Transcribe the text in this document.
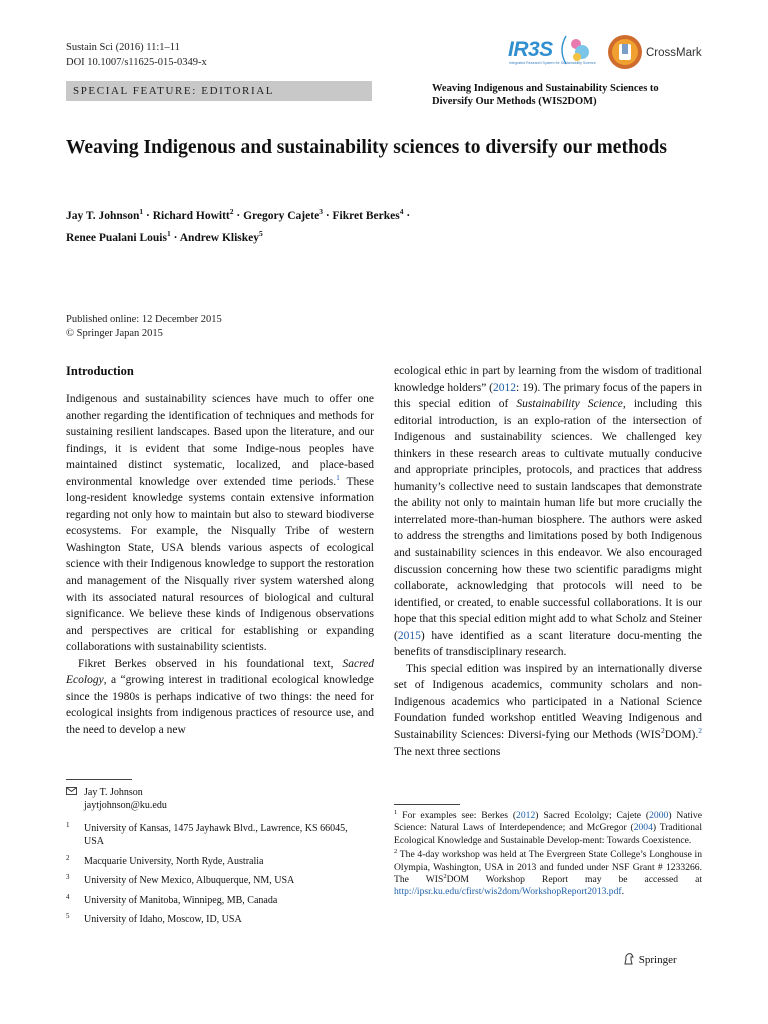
Sustain Sci (2016) 11:1–11
DOI 10.1007/s11625-015-0349-x
IR3S
Integrated Research System for Sustainability Science
CrossMark
SPECIAL FEATURE: EDITORIAL	Weaving Indigenous and Sustainability Sciences to
Diversify Our Methods (WIS2DOM)
Weaving Indigenous and sustainability sciences to diversify our methods
Jay T. Johnson$^1$ · Richard Howitt$^2$ · Gregory Cajete$^3$ · Fikret Berkes$^4$ ·
Renee Pualani Louis$^1$ · Andrew Kliskey$^5$
Published online: 12 December 2015
© Springer Japan 2015
Introduction

Indigenous and sustainability sciences have much to offer one another regarding the identification of techniques and methods for sustaining resilient landscapes. Based upon the literature, and our findings, it is evident that some Indige-nous peoples have maintained distinct systematic, localized, and place-based environmental knowledge over extended time periods.$^1$ These long-resident knowledge systems contain extensive information regarding not only how to maintain but also to steward biodiverse ecosystems. For example, the Nisqually Tribe of western Washington State, USA blends various aspects of ecological science with their Indigenous knowledge to support the restoration and management of the Nisqually river system watershed along with its associated natural resources of biological and cultural significance. We believe these kinds of Indigenous observations and perspectives are critical for establishing or expanding collaborations with sustainability scientists.

Fikret Berkes observed in his foundational text, Sacred Ecology, a “growing interest in traditional ecological knowledge since the 1980s is perhaps indicative of two things: the need for ecological insights from indigenous practices of resource use, and the need to develop a new

ecological ethic in part by learning from the wisdom of traditional knowledge holders” (2012: 19). The primary focus of the papers in this special edition of Sustainability Science, including this editorial introduction, is an explo-ration of the intersection of Indigenous and sustainability sciences. We challenged key thinkers in these research areas to cultivate mutually conducive and appropriate principles, protocols, and practices that address humanity’s collective need to sustain landscapes that demonstrate the ability not only to maintain human life but more crucially the interrelated more-than-human biosphere. The authors were asked to address the strengths and limitations posed by both Indigenous and sustainability sciences in this endeavor. We also encouraged discussion concerning how these two scientific paradigms might collaborate, acknowledging that protocols will need to be identified, or created, to enable successful collaborations. It is our hope that this special edition might add to what Scholz and Steiner (2015) have identified as a scant literature docu-menting the benefits of transdisciplinary research.

This special edition was inspired by an internationally diverse set of Indigenous academics, community scholars and non-Indigenous academics who participated in a National Science Foundation funded workshop entitled Weaving Indigenous and Sustainability Sciences: Diversi-fying our Methods (WIS$^2$DOM).$^2$ The next three sections

Jay T. Johnson
jaytjohnson@ku.edu
1 University of Kansas, 1475 Jayhawk Blvd., Lawrence, KS 66045, USA
2 Macquarie University, North Ryde, Australia
3 University of New Mexico, Albuquerque, NM, USA
4 University of Manitoba, Winnipeg, MB, Canada
5 University of Idaho, Moscow, ID, USA

$^1$ For examples see: Berkes (2012) Sacred Ecololgy; Cajete (2000) Native Science: Natural Laws of Interdependence; and McGregor (2004) Traditional Ecological Knowledge and Sustainable Develop-ment: Towards Coexistence.

$^2$ The 4-day workshop was held at The Evergreen State College’s Longhouse in Olympia, Washington, USA in 2013 and funded under NSF Grant # 1233266. The WIS$^2$DOM Workshop Report may be accessed at http://ipsr.ku.edu/cfirst/wis2dom/WorkshopReport2013.pdf.

Springer
